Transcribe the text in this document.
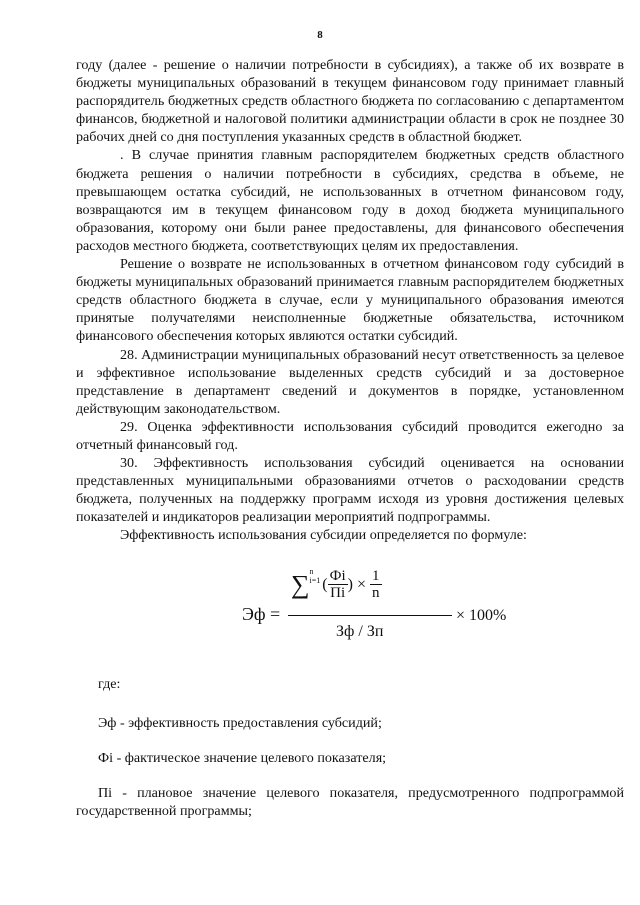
8

году (далее - решение о наличии потребности в субсидиях), а также об их возврате в бюджеты муниципальных образований в текущем финансовом году принимает главный распорядитель бюджетных средств областного бюджета по согласованию с департаментом финансов, бюджетной и налоговой политики администрации области в срок не позднее 30 рабочих дней со дня поступления указанных средств в областной бюджет.

. В случае принятия главным распорядителем бюджетных средств областного бюджета решения о наличии потребности в субсидиях, средства в объеме, не превышающем остатка субсидий, не использованных в отчетном финансовом году, возвращаются им в текущем финансовом году в доход бюджета муниципального образования, которому они были ранее предоставлены, для финансового обеспечения расходов местного бюджета, соответствующих целям их предоставления.

Решение о возврате не использованных в отчетном финансовом году субсидий в бюджеты муниципальных образований принимается главным распорядителем бюджетных средств областного бюджета в случае, если у муниципального образования имеются принятые получателями неисполненные бюджетные обязательства, источником финансового обеспечения которых являются остатки субсидий.

28. Администрации муниципальных образований несут ответственность за целевое и эффективное использование выделенных средств субсидий и за достоверное представление в департамент сведений и документов в порядке, установленном действующим законодательством.

29. Оценка эффективности использования субсидий проводится ежегодно за отчетный финансовый год.

30. Эффективность использования субсидий оценивается на основании представленных муниципальными образованиями отчетов о расходовании средств бюджета, полученных на поддержку программ исходя из уровня достижения целевых показателей и индикаторов реализации мероприятий подпрограммы.

Эффективность использования субсидии определяется по формуле:

Эф =
∑n
i=1 ( $\frac{Фi}{Пi}$ ) × $\frac{1}{n}$
Зф / Зп
× 100%

где:

Эф - эффективность предоставления субсидий;

Фi - фактическое значение целевого показателя;

Пi - плановое значение целевого показателя, предусмотренного подпрограммой государственной программы;
